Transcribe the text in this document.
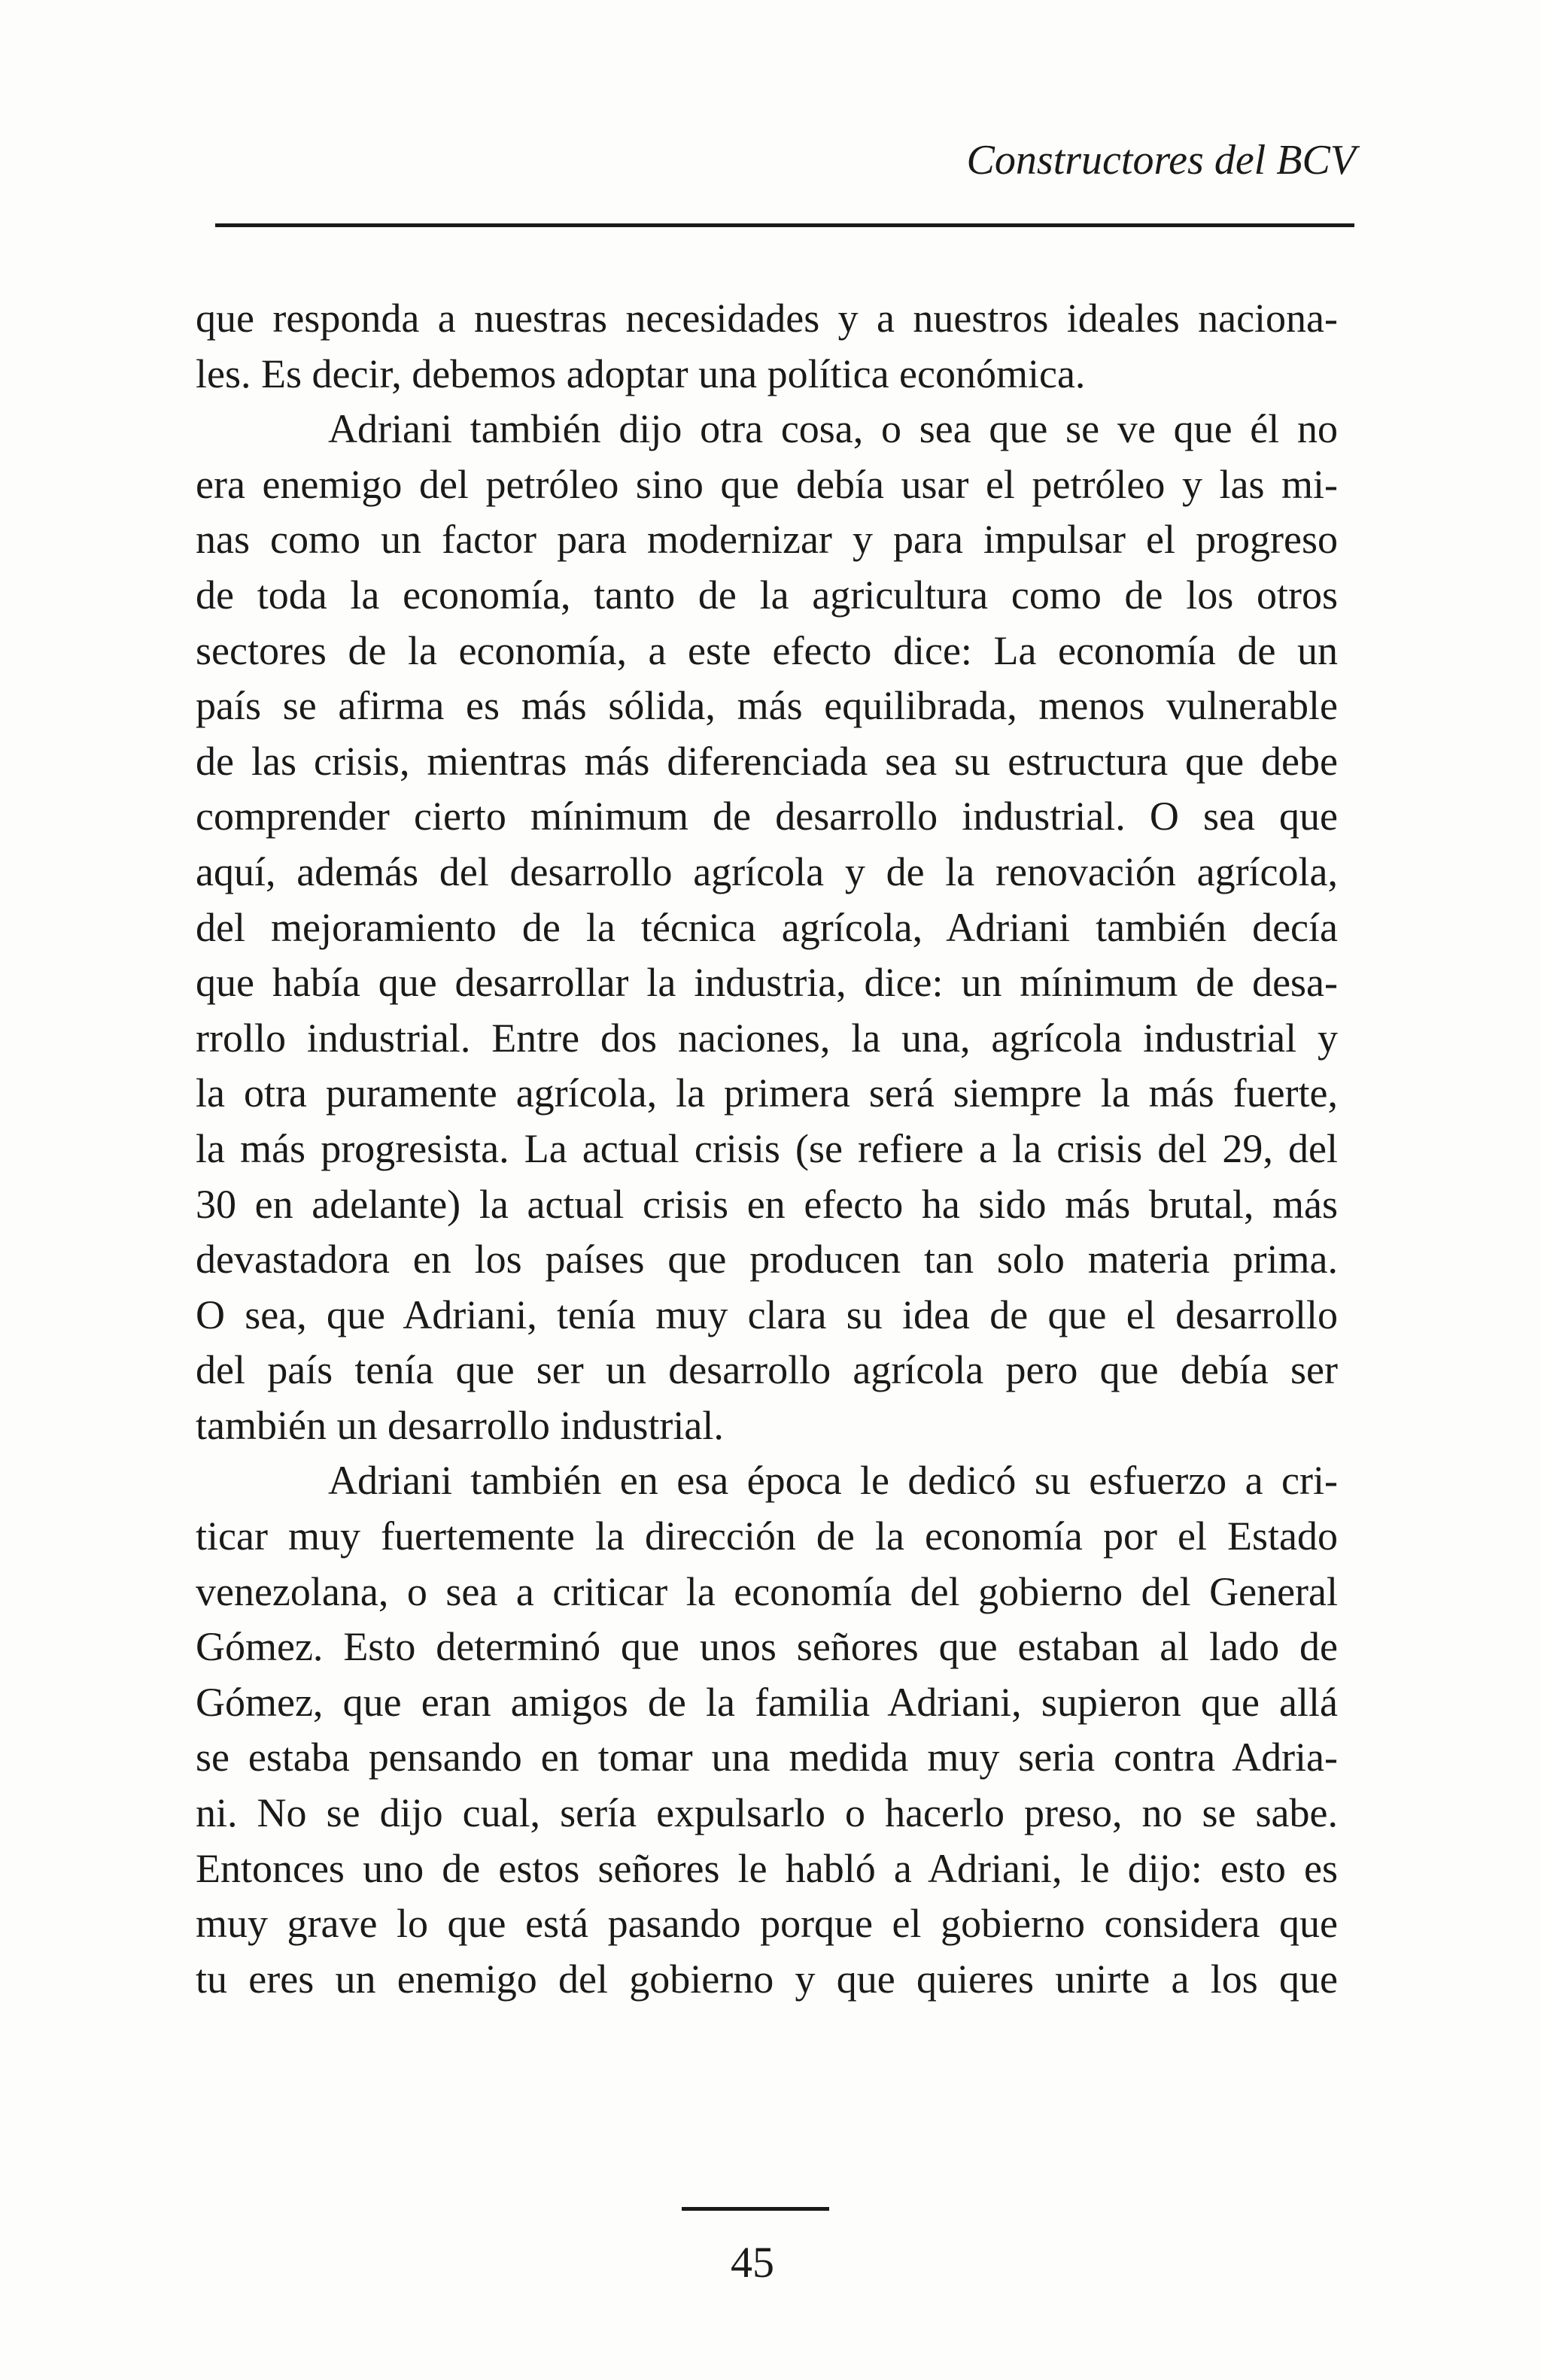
Constructores del BCV
que responda a nuestras necesidades y a nuestros ideales naciona-
les. Es decir, debemos adoptar una política económica.
Adriani también dijo otra cosa, o sea que se ve que él no
era enemigo del petróleo sino que debía usar el petróleo y las mi-
nas como un factor para modernizar y para impulsar el progreso
de toda la economía, tanto de la agricultura como de los otros
sectores de la economía, a este efecto dice: La economía de un
país se afirma es más sólida, más equilibrada, menos vulnerable
de las crisis, mientras más diferenciada sea su estructura que debe
comprender cierto mínimum de desarrollo industrial. O sea que
aquí, además del desarrollo agrícola y de la renovación agrícola,
del mejoramiento de la técnica agrícola, Adriani también decía
que había que desarrollar la industria, dice: un mínimum de desa-
rrollo industrial. Entre dos naciones, la una, agrícola industrial y
la otra puramente agrícola, la primera será siempre la más fuerte,
la más progresista. La actual crisis (se refiere a la crisis del 29, del
30 en adelante) la actual crisis en efecto ha sido más brutal, más
devastadora en los países que producen tan solo materia prima.
O sea, que Adriani, tenía muy clara su idea de que el desarrollo
del país tenía que ser un desarrollo agrícola pero que debía ser
también un desarrollo industrial.
Adriani también en esa época le dedicó su esfuerzo a cri-
ticar muy fuertemente la dirección de la economía por el Estado
venezolana, o sea a criticar la economía del gobierno del General
Gómez. Esto determinó que unos señores que estaban al lado de
Gómez, que eran amigos de la familia Adriani, supieron que allá
se estaba pensando en tomar una medida muy seria contra Adria-
ni. No se dijo cual, sería expulsarlo o hacerlo preso, no se sabe.
Entonces uno de estos señores le habló a Adriani, le dijo: esto es
muy grave lo que está pasando porque el gobierno considera que
tu eres un enemigo del gobierno y que quieres unirte a los que
45
